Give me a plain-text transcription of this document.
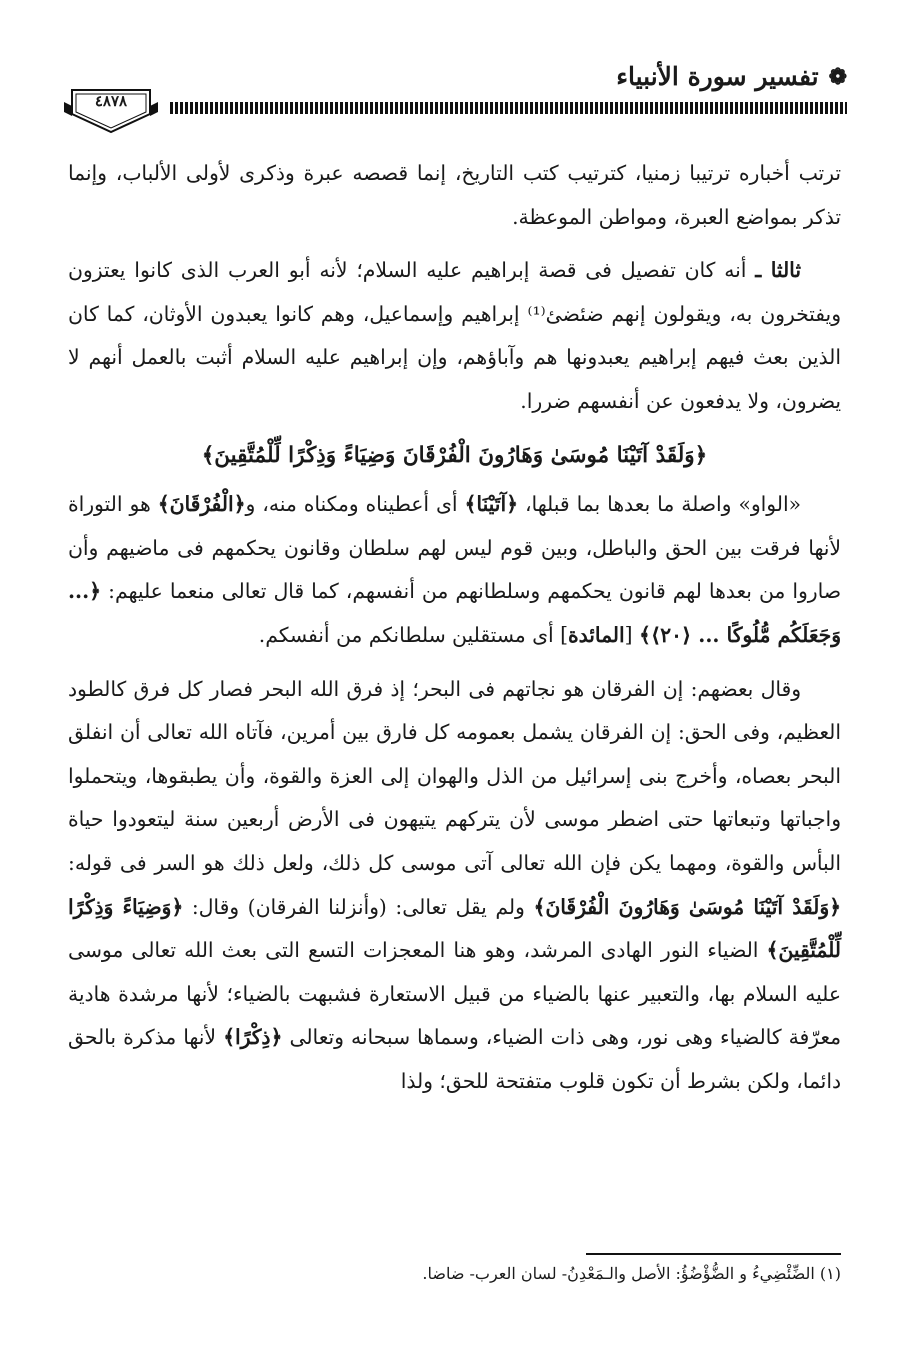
❁
تفسير سورة الأنبياء
٤٨٧٨

ترتب أخباره ترتيبا زمنيا، كترتيب كتب التاريخ، إنما قصصه عبرة وذكرى لأولى الألباب، وإنما تذكر بمواضع العبرة، ومواطن الموعظة.

ثالثا ـ أنه كان تفصيل فى قصة إبراهيم عليه السلام؛ لأنه أبو العرب الذى كانوا يعتزون ويفتخرون به، ويقولون إنهم ضئضئ⁽¹⁾ إبراهيم وإسماعيل، وهم كانوا يعبدون الأوثان، كما كان الذين بعث فيهم إبراهيم يعبدونها هم وآباؤهم، وإن إبراهيم عليه السلام أثبت بالعمل أنهم لا يضرون، ولا يدفعون عن أنفسهم ضررا.

﴿وَلَقَدْ آتَيْنَا مُوسَىٰ وَهَارُونَ الْفُرْقَانَ وَضِيَاءً وَذِكْرًا لِّلْمُتَّقِينَ﴾

«الواو» واصلة ما بعدها بما قبلها، ﴿آتَيْنَا﴾ أى أعطيناه ومكناه منه، و﴿الْفُرْقَانَ﴾ هو التوراة لأنها فرقت بين الحق والباطل، وبين قوم ليس لهم سلطان وقانون يحكمهم فى ماضيهم وأن صاروا من بعدها لهم قانون يحكمهم وسلطانهم من أنفسهم، كما قال تعالى منعما عليهم: ﴿... وَجَعَلَكُم مُّلُوكًا ... ⟨٢٠⟩﴾ [المائدة] أى مستقلين سلطانكم من أنفسكم.

وقال بعضهم: إن الفرقان هو نجاتهم فى البحر؛ إذ فرق الله البحر فصار كل فرق كالطود العظيم، وفى الحق: إن الفرقان يشمل بعمومه كل فارق بين أمرين، فآتاه الله تعالى أن انفلق البحر بعصاه، وأخرج بنى إسرائيل من الذل والهوان إلى العزة والقوة، وأن يطبقوها، ويتحملوا واجباتها وتبعاتها حتى اضطر موسى لأن يتركهم يتيهون فى الأرض أربعين سنة ليتعودوا حياة البأس والقوة، ومهما يكن فإن الله تعالى آتى موسى كل ذلك، ولعل ذلك هو السر فى قوله: ﴿وَلَقَدْ آتَيْنَا مُوسَىٰ وَهَارُونَ الْفُرْقَانَ﴾ ولم يقل تعالى: (وأنزلنا الفرقان) وقال: ﴿وَضِيَاءً وَذِكْرًا لِّلْمُتَّقِينَ﴾ الضياء النور الهادى المرشد، وهو هنا المعجزات التسع التى بعث الله تعالى موسى عليه السلام بها، والتعبير عنها بالضياء من قبيل الاستعارة فشبهت بالضياء؛ لأنها مرشدة هادية معرّفة كالضياء وهى نور، وهى ذات الضياء، وسماها سبحانه وتعالى ﴿ذِكْرًا﴾ لأنها مذكرة بالحق دائما، ولكن بشرط أن تكون قلوب متفتحة للحق؛ ولذا

(١) الضِّئْضِيءُ و الضُّؤْضُؤُ: الأصل والـمَعْدِنُ- لسان العرب- ضاضا.
